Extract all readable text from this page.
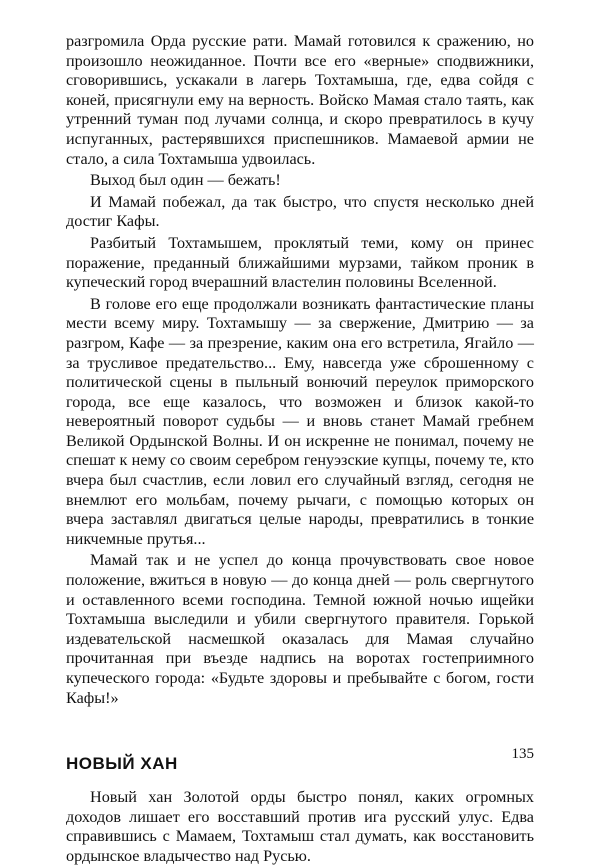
разгромила Орда русские рати. Мамай готовился к сражению, но произошло неожиданное. Почти все его «верные» сподвижники, сговорившись, ускакали в лагерь Тохтамыша, где, едва сойдя с коней, присягнули ему на верность. Войско Мамая стало таять, как утренний туман под лучами солнца, и скоро превратилось в кучу испуганных, растерявшихся приспешников. Мамаевой армии не стало, а сила Тохтамыша удвоилась.

Выход был один — бежать!

И Мамай побежал, да так быстро, что спустя несколько дней достиг Кафы.

Разбитый Тохтамышем, проклятый теми, кому он принес поражение, преданный ближайшими мурзами, тайком проник в купеческий город вчерашний властелин половины Вселенной.

В голове его еще продолжали возникать фантастические планы мести всему миру. Тохтамышу — за свержение, Дмитрию — за разгром, Кафе — за презрение, каким она его встретила, Ягайло — за трусливое предательство... Ему, навсегда уже сброшенному с политической сцены в пыльный вонючий переулок приморского города, все еще казалось, что возможен и близок какой-то невероятный поворот судьбы — и вновь станет Мамай гребнем Великой Ордынской Волны. И он искренне не понимал, почему не спешат к нему со своим серебром генуэзские купцы, почему те, кто вчера был счастлив, если ловил его случайный взгляд, сегодня не внемлют его мольбам, почему рычаги, с помощью которых он вчера заставлял двигаться целые народы, превратились в тонкие никчемные прутья...

Мамай так и не успел до конца прочувствовать свое новое положение, вжиться в новую — до конца дней — роль свергнутого и оставленного всеми господина. Темной южной ночью ищейки Тохтамыша выследили и убили свергнутого правителя. Горькой издевательской насмешкой оказалась для Мамая случайно прочитанная при въезде надпись на воротах гостеприимного купеческого города: «Будьте здоровы и пребывайте с богом, гости Кафы!»

НОВЫЙ ХАН

Новый хан Золотой орды быстро понял, каких огромных доходов лишает его восставший против ига русский улус. Едва справившись с Мамаем, Тохтамыш стал думать, как восстановить ордынское владычество над Русью.

135
